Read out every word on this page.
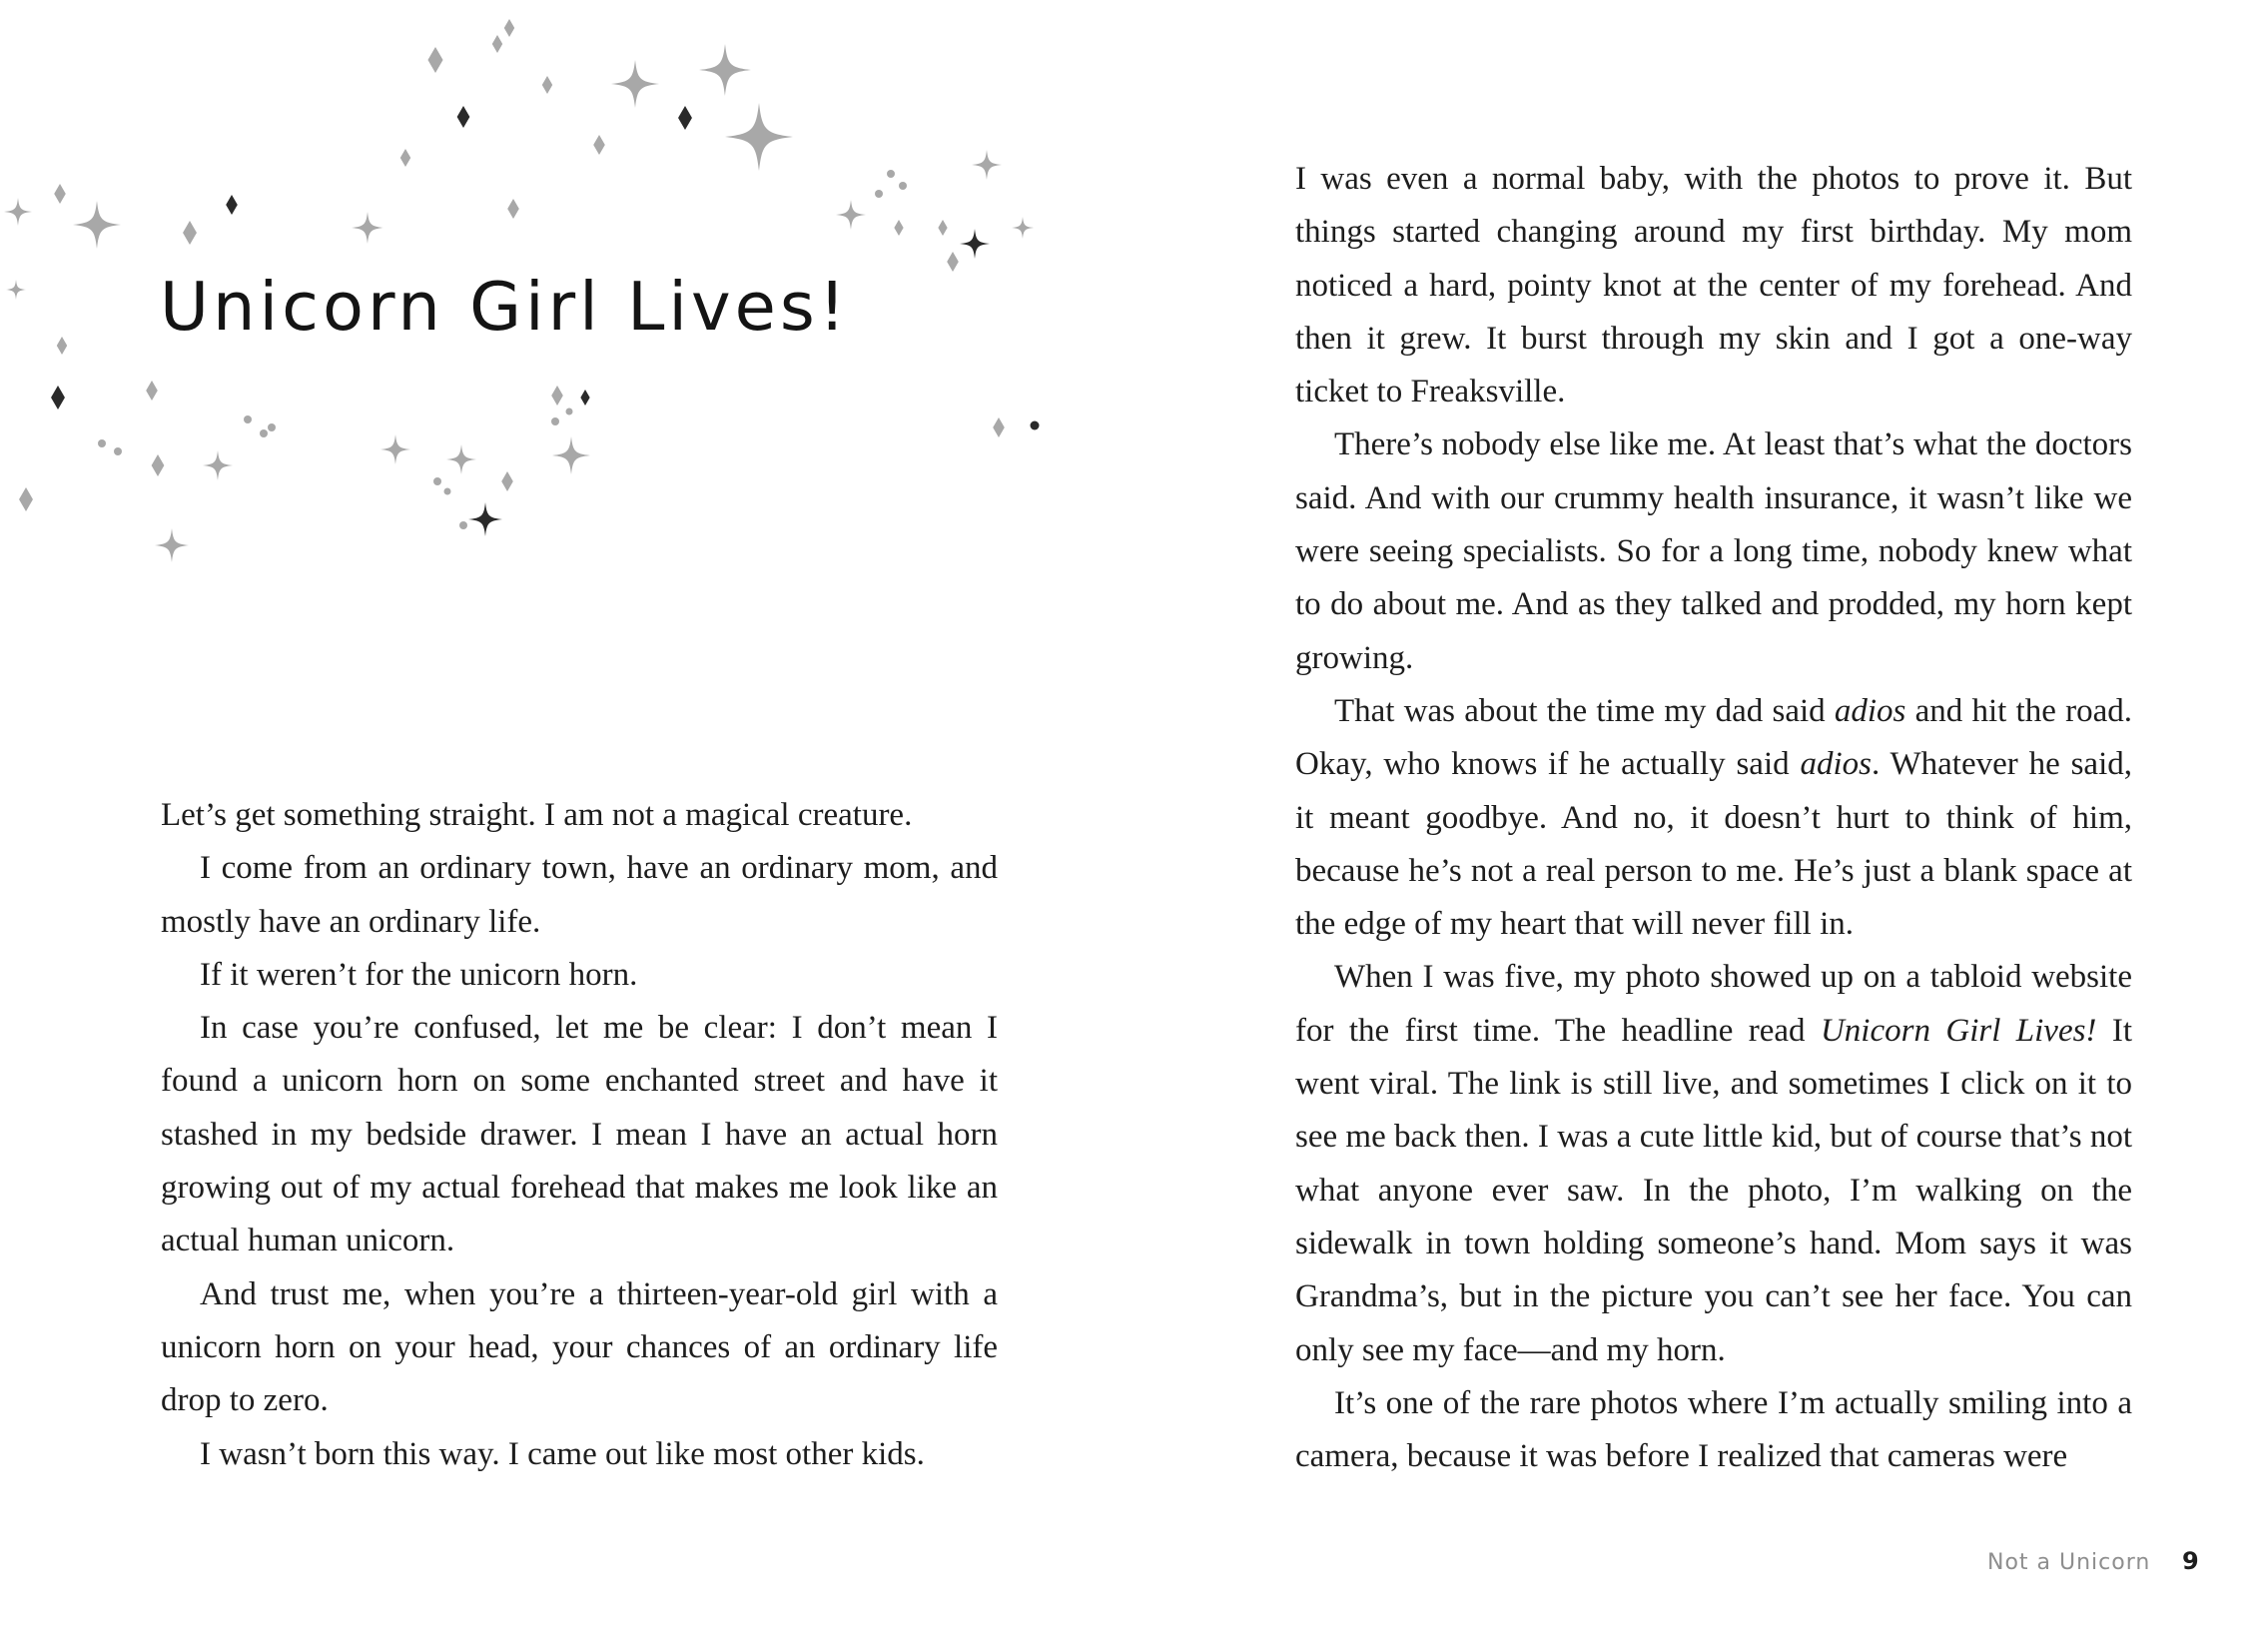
Unicorn Girl Lives!

Let’s get something straight. I am not a magical creature.

I come from an ordinary town, have an ordinary mom, and mostly have an ordinary life.

If it weren’t for the unicorn horn.

In case you’re confused, let me be clear: I don’t mean I found a unicorn horn on some enchanted street and have it stashed in my bedside drawer. I mean I have an actual horn growing out of my actual forehead that makes me look like an actual human unicorn.

And trust me, when you’re a thirteen-year-old girl with a unicorn horn on your head, your chances of an ordinary life drop to zero.

I wasn’t born this way. I came out like most other kids.

I was even a normal baby, with the photos to prove it. But things started changing around my first birthday. My mom noticed a hard, pointy knot at the center of my forehead. And then it grew. It burst through my skin and I got a one-way ticket to Freaksville.

There’s nobody else like me. At least that’s what the doctors said. And with our crummy health insurance, it wasn’t like we were seeing specialists. So for a long time, nobody knew what to do about me. And as they talked and prodded, my horn kept growing.

That was about the time my dad said adios and hit the road. Okay, who knows if he actually said adios. Whatever he said, it meant goodbye. And no, it doesn’t hurt to think of him, because he’s not a real person to me. He’s just a blank space at the edge of my heart that will never fill in.

When I was five, my photo showed up on a tabloid website for the first time. The headline read Unicorn Girl Lives! It went viral. The link is still live, and sometimes I click on it to see me back then. I was a cute little kid, but of course that’s not what anyone ever saw. In the photo, I’m walking on the sidewalk in town holding someone’s hand. Mom says it was Grandma’s, but in the picture you can’t see her face. You can only see my face—and my horn.

It’s one of the rare photos where I’m actually smiling into a camera, because it was before I realized that cameras were

Not a Unicorn 9
